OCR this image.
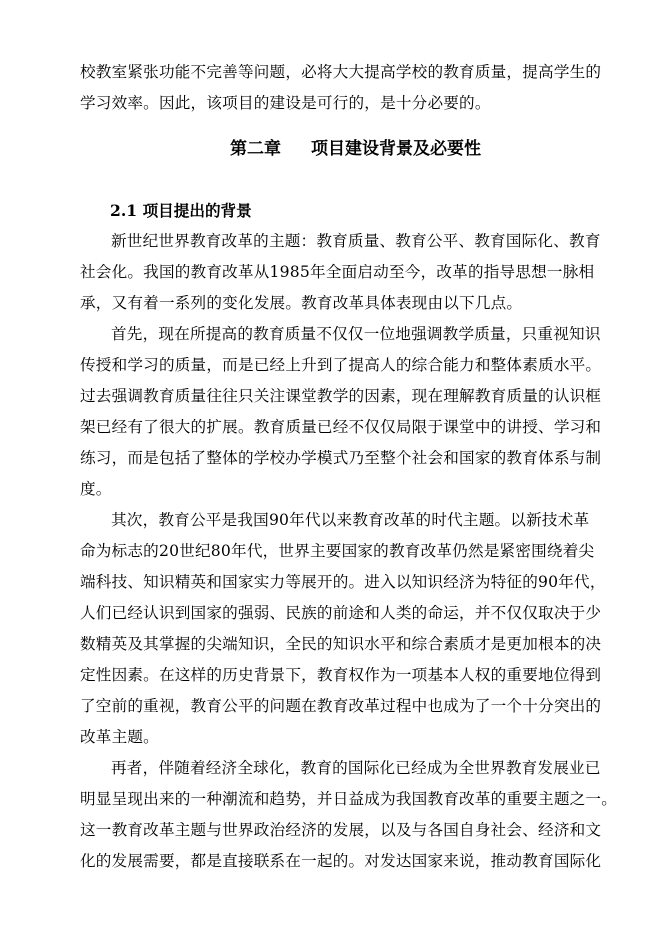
校教室紧张功能不完善等问题，必将大大提高学校的教育质量，提高学生的
学习效率。因此，该项目的建设是可行的，是十分必要的。
第二章 项目建设背景及必要性
2.1 项目提出的背景
新世纪世界教育改革的主题：教育质量、教育公平、教育国际化、教育
社会化。我国的教育改革从1985年全面启动至今，改革的指导思想一脉相
承，又有着一系列的变化发展。教育改革具体表现由以下几点。
首先，现在所提高的教育质量不仅仅一位地强调教学质量，只重视知识
传授和学习的质量，而是已经上升到了提高人的综合能力和整体素质水平。
过去强调教育质量往往只关注课堂教学的因素，现在理解教育质量的认识框
架已经有了很大的扩展。教育质量已经不仅仅局限于课堂中的讲授、学习和
练习，而是包括了整体的学校办学模式乃至整个社会和国家的教育体系与制
度。
其次，教育公平是我国90年代以来教育改革的时代主题。以新技术革
命为标志的20世纪80年代，世界主要国家的教育改革仍然是紧密围绕着尖
端科技、知识精英和国家实力等展开的。进入以知识经济为特征的90年代，
人们已经认识到国家的强弱、民族的前途和人类的命运，并不仅仅取决于少
数精英及其掌握的尖端知识，全民的知识水平和综合素质才是更加根本的决
定性因素。在这样的历史背景下，教育权作为一项基本人权的重要地位得到
了空前的重视，教育公平的问题在教育改革过程中也成为了一个十分突出的
改革主题。
再者，伴随着经济全球化，教育的国际化已经成为全世界教育发展业已
明显呈现出来的一种潮流和趋势，并日益成为我国教育改革的重要主题之一。
这一教育改革主题与世界政治经济的发展，以及与各国自身社会、经济和文
化的发展需要，都是直接联系在一起的。对发达国家来说，推动教育国际化
